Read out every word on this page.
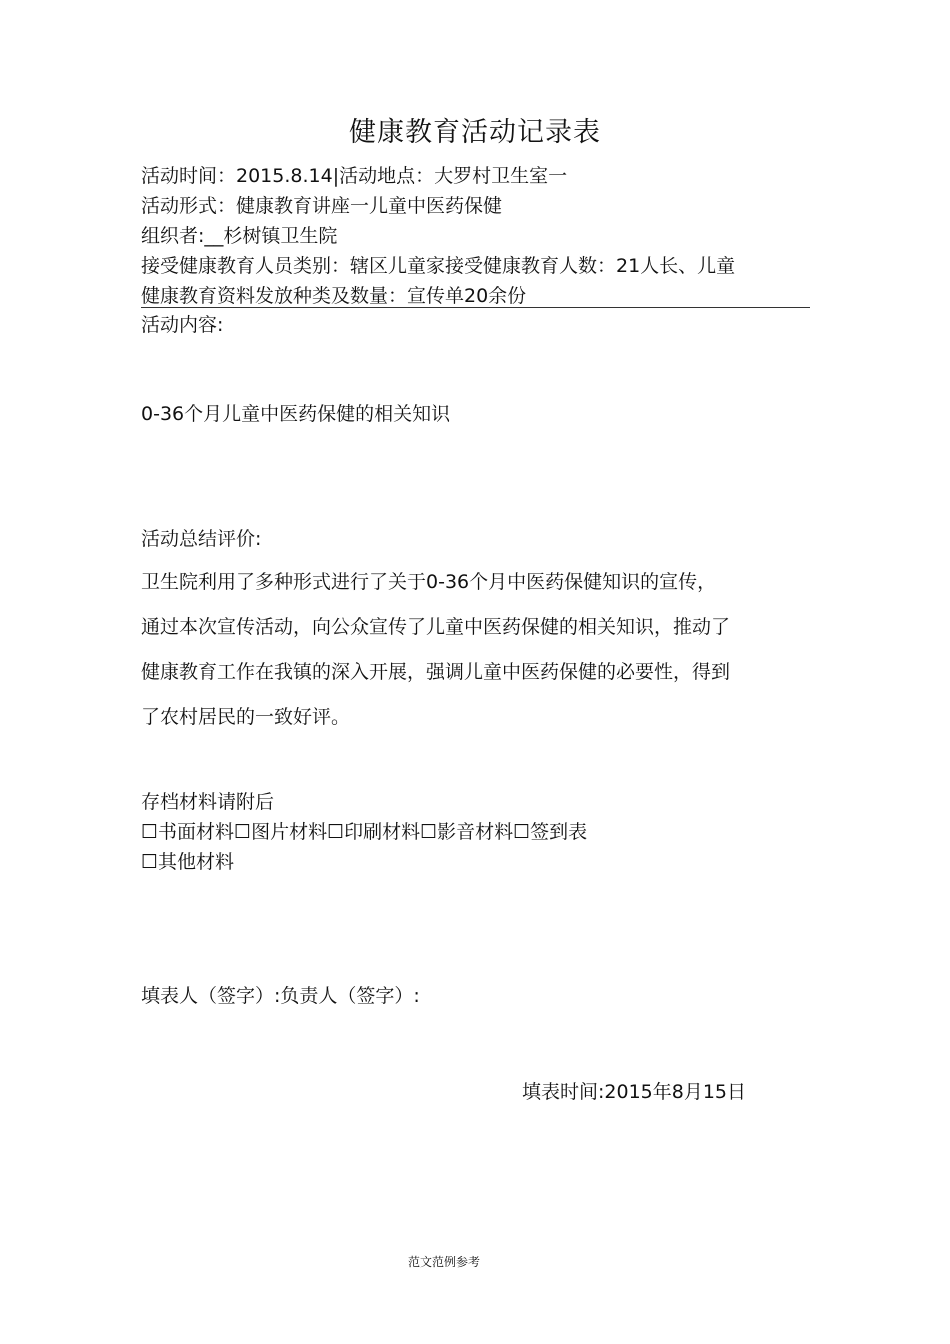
健康教育活动记录表
活动时间：2015.8.14|活动地点：大罗村卫生室一
活动形式：健康教育讲座一儿童中医药保健
组织者:__杉树镇卫生院
接受健康教育人员类别：辖区儿童家接受健康教育人数：21人长、儿童
健康教育资料发放种类及数量：宣传单20余份
活动内容:
0-36个月儿童中医药保健的相关知识
活动总结评价:
卫生院利用了多种形式进行了关于0-36个月中医药保健知识的宣传，
通过本次宣传活动，向公众宣传了儿童中医药保健的相关知识，推动了
健康教育工作在我镇的深入开展，强调儿童中医药保健的必要性，得到
了农村居民的一致好评。
存档材料请附后
☐书面材料☐图片材料☐印刷材料☐影音材料☐签到表
☐其他材料
填表人（签字）:负责人（签字）:
填表时间:2015年8月15日
范文范例参考
